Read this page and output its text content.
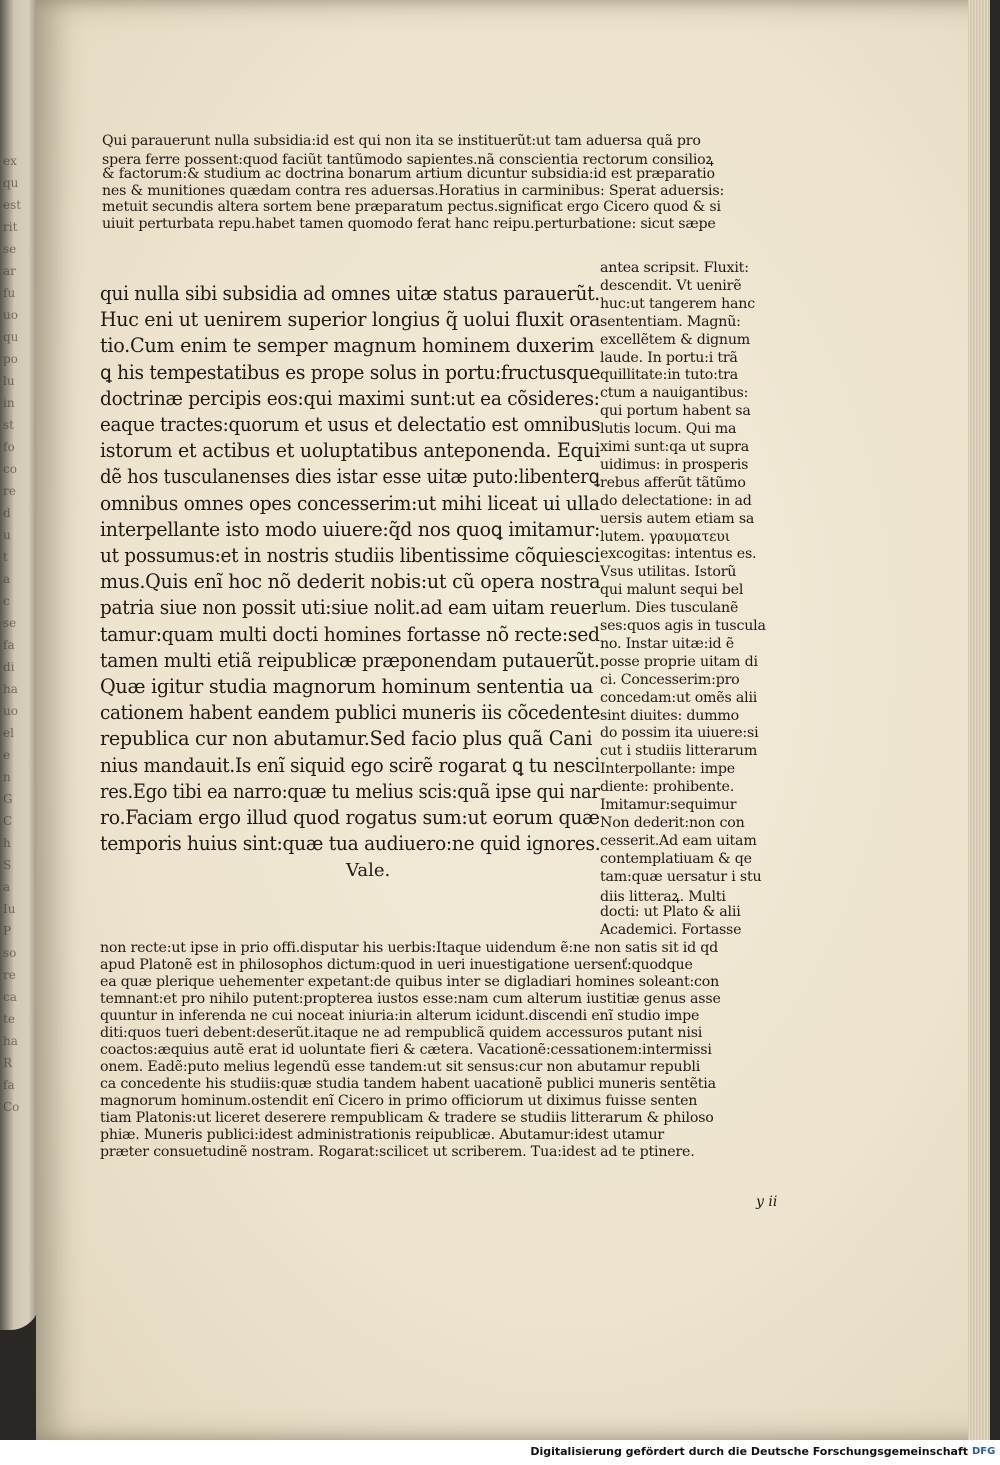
ex
qu
est
rit
se
ar
fu
uo
qu
po
lu
in
st
fo
co
re
d
u
t
a
c
se
fa
di
ha
uo
el
e
n
G
C
h
S
a
Iu
P
so
re
ca
te
ha
R
fa
Co
Qui parauerunt nulla subsidia:id est qui non ita se instituerũt:ut tam aduersa quã pro
spera ferre possent:quod faciũt tantũmodo sapientes.nã conscientia rectorum consilioꝝ
& factorum:& studium ac doctrina bonarum artium dicuntur subsidia:id est præparatio
nes & munitiones quædam contra res aduersas.Horatius in carminibus: Sperat aduersis:
metuit secundis altera sortem bene præparatum pectus.significat ergo Cicero quod & si
uiuit perturbata repu.habet tamen quomodo ferat hanc reipu.perturbatione: sicut sæpe
qui nulla sibi subsidia ad omnes uitæ status parauerũt.
Huc eni ut uenirem superior longius q̃ uolui fluxit ora
tio.Cum enim te semper magnum hominem duxerim
ꝗ his tempestatibus es prope solus in portu:fructusque
doctrinæ percipis eos:qui maximi sunt:ut ea cõsideres:
eaque tractes:quorum et usus et delectatio est omnibus
istorum et actibus et uoluptatibus anteponenda. Equi
dẽ hos tusculanenses dies istar esse uitæ puto:libenterꝗ
omnibus omnes opes concesserim:ut mihi liceat ui ulla
interpellante isto modo uiuere:q̃d nos quoꝗ imitamur:
ut possumus:et in nostris studiis libentissime cõquiesci
mus.Quis enĩ hoc nõ dederit nobis:ut cũ opera nostra
patria siue non possit uti:siue nolit.ad eam uitam reuer
tamur:quam multi docti homines fortasse nõ recte:sed
tamen multi etiã reipublicæ præponendam putauerũt.
Quæ igitur studia magnorum hominum sententia ua
cationem habent eandem publici muneris iis cõcedente
republica cur non abutamur.Sed facio plus quã Cani
nius mandauit.Is enĩ siquid ego scirẽ rogarat ꝗ tu nesci
res.Ego tibi ea narro:quæ tu melius scis:quã ipse qui nar
ro.Faciam ergo illud quod rogatus sum:ut eorum quæ
temporis huius sint:quæ tua audiuero:ne quid ignores.
Vale.
antea scripsit. Fluxit:
descendit. Vt uenirẽ
huc:ut tangerem hanc
sententiam. Magnũ:
excellẽtem & dignum
laude. In portu:i trã
quillitate:in tuto:tra
ctum a nauigantibus:
qui portum habent sa
lutis locum. Qui ma
ximi sunt:qa ut supra
uidimus: in prosperis
rebus afferũt tãtũmo
do delectatione: in ad
uersis autem etiam sa
lutem. γραυματευι
excogitas: intentus es.
Vsus utilitas. Istorũ
qui malunt sequi bel
lum. Dies tusculanẽ
ses:quos agis in tuscula
no. Instar uitæ:id ẽ
posse proprie uitam di
ci. Concesserim:pro
concedam:ut omẽs alii
sint diuites: dummo
do possim ita uiuere:si
cut i studiis litterarum
Interpollante: impe
diente: prohibente.
Imitamur:sequimur
Non dederit:non con
cesserit.Ad eam uitam
contemplatiuam & qe
tam:quæ uersatur i stu
diis litteraꝝ. Multi
docti: ut Plato & alii
Academici. Fortasse
non recte:ut ipse in prio offi.disputar his uerbis:Itaque uidendum ẽ:ne non satis sit id qd
apud Platonẽ est in philosophos dictum:quod in ueri inuestigatione uersenť:quodque
ea quæ plerique uehementer expetant:de quibus inter se digladiari homines soleant:con
temnant:et pro nihilo putent:propterea iustos esse:nam cum alterum iustitiæ genus asse
quuntur in inferenda ne cui noceat iniuria:in alterum icidunt.discendi enĩ studio impe
diti:quos tueri debent:deserũt.itaque ne ad rempublicã quidem accessuros putant nisi
coactos:æquius autẽ erat id uoluntate fieri & cætera. Vacationẽ:cessationem:intermissi
onem. Eadẽ:puto melius legendũ esse tandem:ut sit sensus:cur non abutamur republi
ca concedente his studiis:quæ studia tandem habent uacationẽ publici muneris sentẽtia
magnorum hominum.ostendit enĩ Cicero in primo officiorum ut diximus fuisse senten
tiam Platonis:ut liceret deserere rempublicam & tradere se studiis litterarum & philoso
phiæ. Muneris publici:idest administrationis reipublicæ. Abutamur:idest utamur
præter consuetudinẽ nostram. Rogarat:scilicet ut scriberem. Tua:idest ad te ptinere.
y ii
Digitalisierung gefördert durch die Deutsche Forschungsgemeinschaft DFG
